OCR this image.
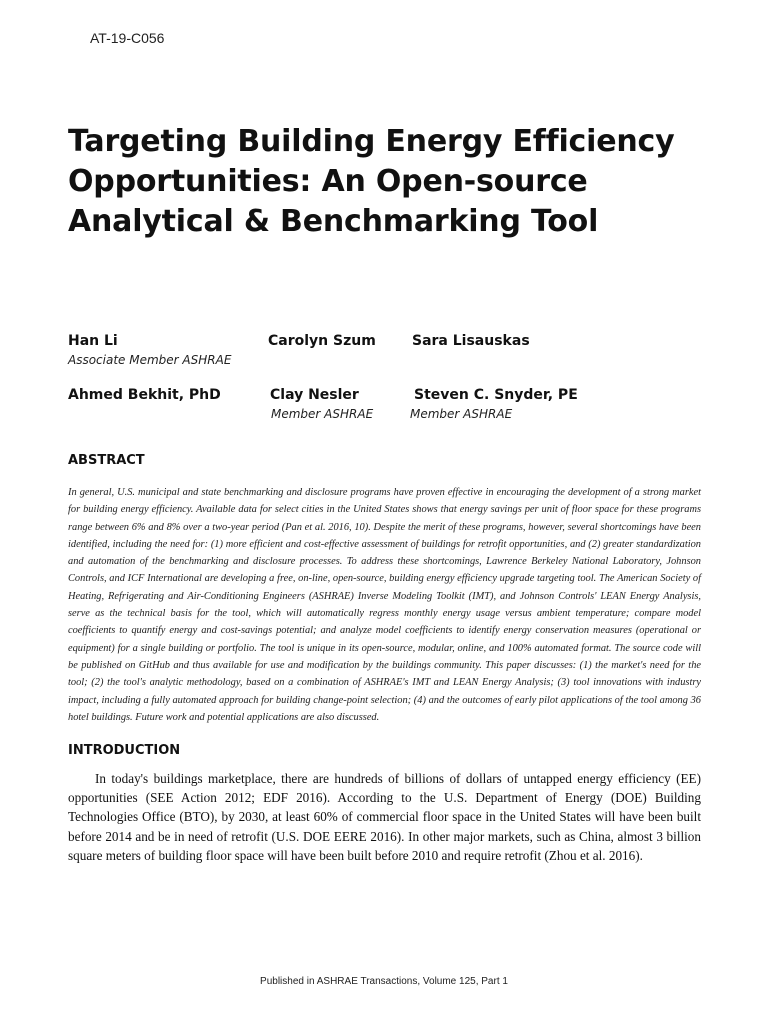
AT-19-C056
Targeting Building Energy Efficiency Opportunities: An Open-source Analytical & Benchmarking Tool
Han Li
Associate Member ASHRAE
Carolyn Szum	Sara Lisauskas
Ahmed Bekhit, PhD	Clay Nesler
Member ASHRAE
Steven C. Snyder, PE
Member ASHRAE
ABSTRACT

In general, U.S. municipal and state benchmarking and disclosure programs have proven effective in encouraging the development of a strong market for building energy efficiency. Available data for select cities in the United States shows that energy savings per unit of floor space for these programs range between 6% and 8% over a two-year period (Pan et al. 2016, 10). Despite the merit of these programs, however, several shortcomings have been identified, including the need for: (1) more efficient and cost-effective assessment of buildings for retrofit opportunities, and (2) greater standardization and automation of the benchmarking and disclosure processes. To address these shortcomings, Lawrence Berkeley National Laboratory, Johnson Controls, and ICF International are developing a free, on-line, open-source, building energy efficiency upgrade targeting tool. The American Society of Heating, Refrigerating and Air-Conditioning Engineers (ASHRAE) Inverse Modeling Toolkit (IMT), and Johnson Controls' LEAN Energy Analysis, serve as the technical basis for the tool, which will automatically regress monthly energy usage versus ambient temperature; compare model coefficients to quantify energy and cost-savings potential; and analyze model coefficients to identify energy conservation measures (operational or equipment) for a single building or portfolio. The tool is unique in its open-source, modular, online, and 100% automated format. The source code will be published on GitHub and thus available for use and modification by the buildings community. This paper discusses: (1) the market's need for the tool; (2) the tool's analytic methodology, based on a combination of ASHRAE's IMT and LEAN Energy Analysis; (3) tool innovations with industry impact, including a fully automated approach for building change-point selection; (4) and the outcomes of early pilot applications of the tool among 36 hotel buildings. Future work and potential applications are also discussed.

INTRODUCTION

In today's buildings marketplace, there are hundreds of billions of dollars of untapped energy efficiency (EE) opportunities (SEE Action 2012; EDF 2016). According to the U.S. Department of Energy (DOE) Building Technologies Office (BTO), by 2030, at least 60% of commercial floor space in the United States will have been built before 2014 and be in need of retrofit (U.S. DOE EERE 2016). In other major markets, such as China, almost 3 billion square meters of building floor space will have been built before 2010 and require retrofit (Zhou et al. 2016).

Published in ASHRAE Transactions, Volume 125, Part 1
